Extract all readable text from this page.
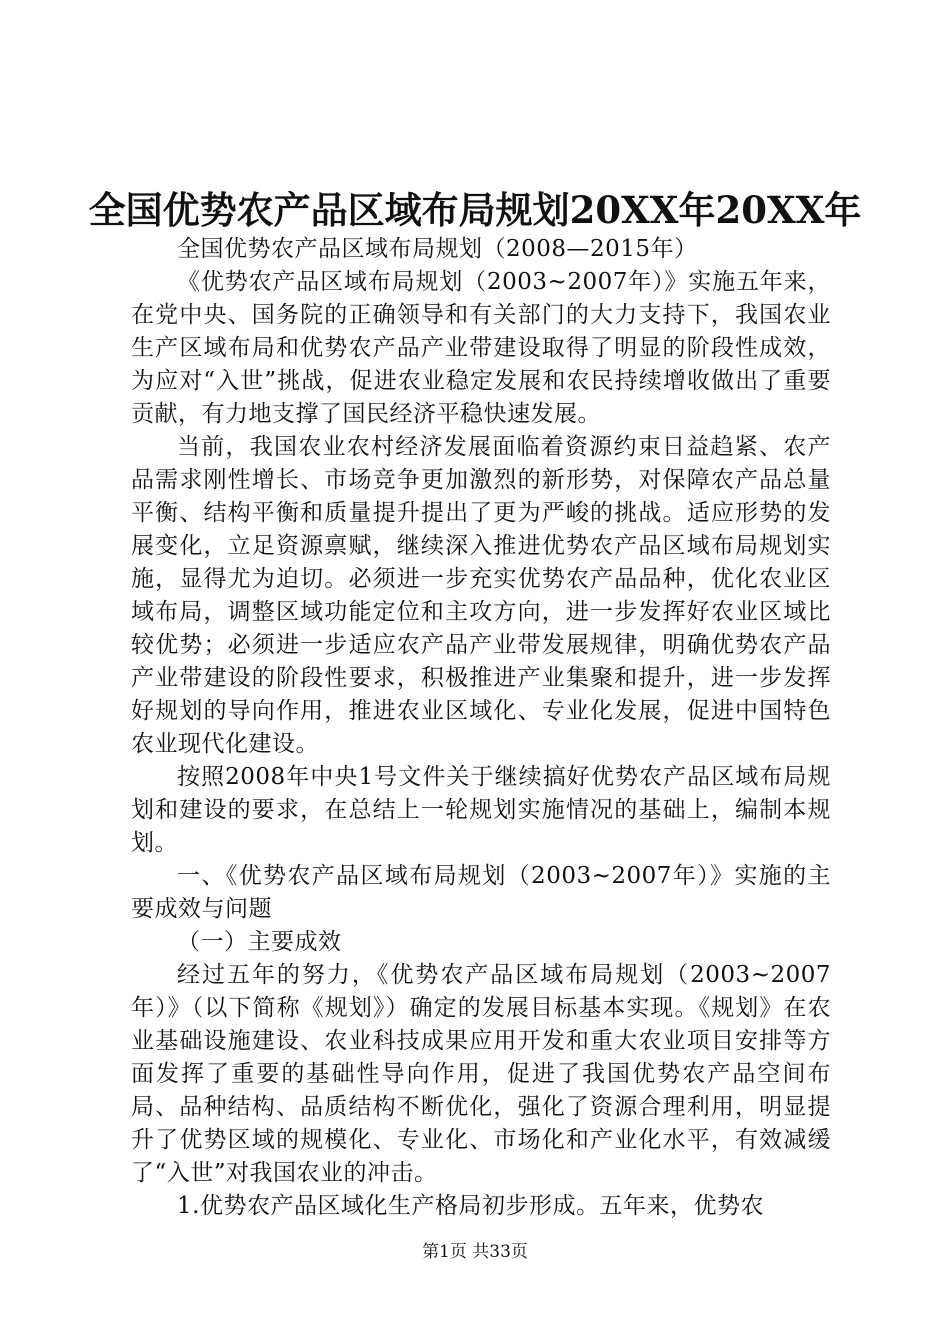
全国优势农产品区域布局规划20XX年20XX年

全国优势农产品区域布局规划（2008—2015年）

《优势农产品区域布局规划（2003~2007年）》实施五年来，在党中央、国务院的正确领导和有关部门的大力支持下，我国农业生产区域布局和优势农产品产业带建设取得了明显的阶段性成效，为应对“入世”挑战，促进农业稳定发展和农民持续增收做出了重要贡献，有力地支撑了国民经济平稳快速发展。

当前，我国农业农村经济发展面临着资源约束日益趋紧、农产品需求刚性增长、市场竞争更加激烈的新形势，对保障农产品总量平衡、结构平衡和质量提升提出了更为严峻的挑战。适应形势的发展变化，立足资源禀赋，继续深入推进优势农产品区域布局规划实施，显得尤为迫切。必须进一步充实优势农产品品种，优化农业区域布局，调整区域功能定位和主攻方向，进一步发挥好农业区域比较优势；必须进一步适应农产品产业带发展规律，明确优势农产品产业带建设的阶段性要求，积极推进产业集聚和提升，进一步发挥好规划的导向作用，推进农业区域化、专业化发展，促进中国特色农业现代化建设。

按照2008年中央1号文件关于继续搞好优势农产品区域布局规划和建设的要求，在总结上一轮规划实施情况的基础上，编制本规划。

一、《优势农产品区域布局规划（2003~2007年）》实施的主要成效与问题

（一）主要成效

经过五年的努力，《优势农产品区域布局规划（2003~2007年）》（以下简称《规划》）确定的发展目标基本实现。《规划》在农业基础设施建设、农业科技成果应用开发和重大农业项目安排等方面发挥了重要的基础性导向作用，促进了我国优势农产品空间布局、品种结构、品质结构不断优化，强化了资源合理利用，明显提升了优势区域的规模化、专业化、市场化和产业化水平，有效减缓了“入世”对我国农业的冲击。

1.优势农产品区域化生产格局初步形成。五年来，优势农

第1页 共33页
